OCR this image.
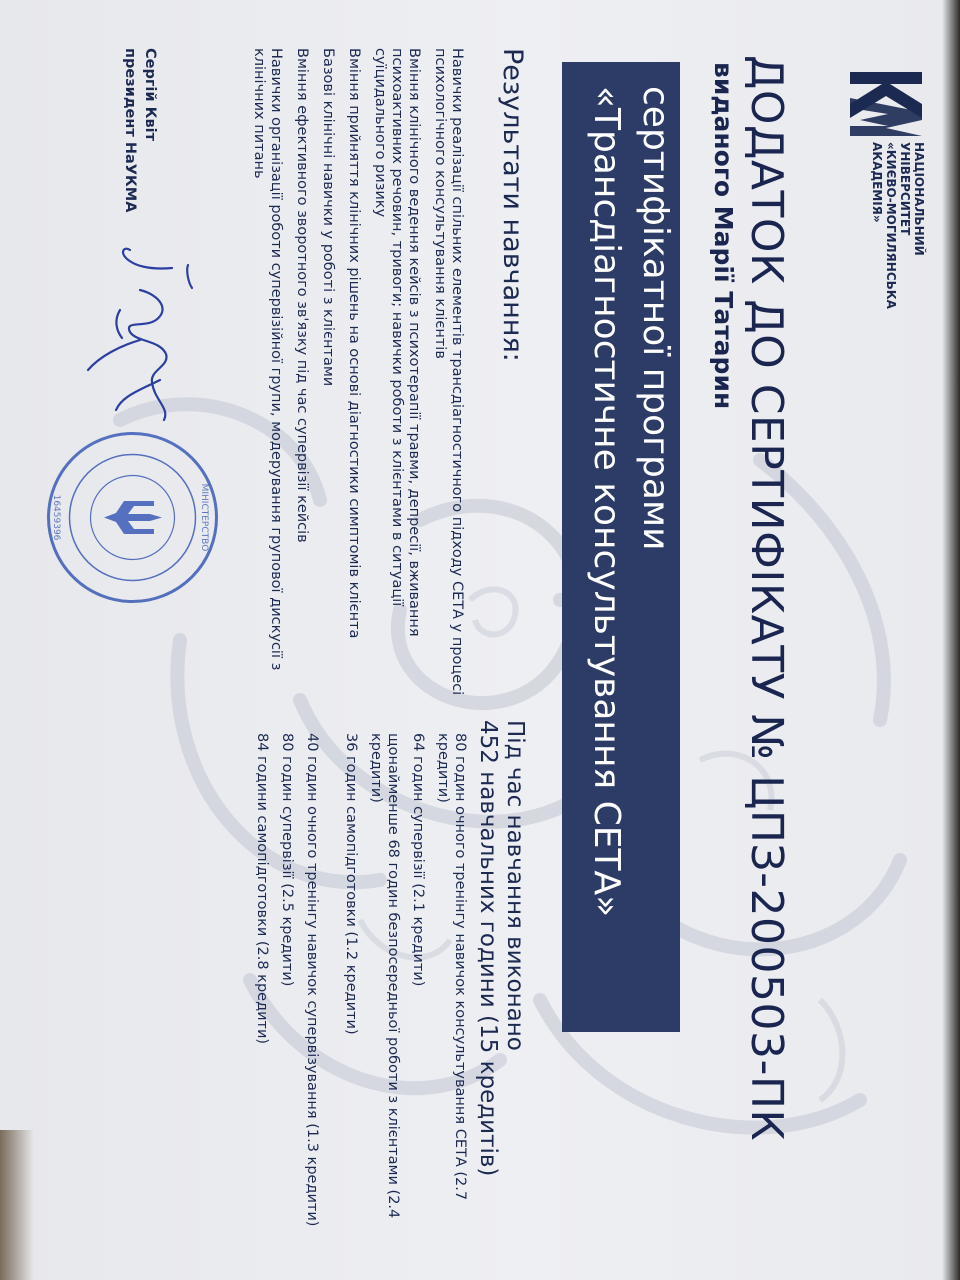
НАЦІОНАЛЬНИЙ
УНІВЕРСИТЕТ
«КИЄВО-МОГИЛЯНСЬКА
АКАДЕМІЯ»
ДОДАТОК ДО СЕРТИФІКАТУ № ЦПЗ-200503-ПК
виданого Марії Татарин
сертифікатної програми
«Трансдіагностичне консультування СЕТА»
Результати навчання:
Навички реалізації спільних елементів трансдіагностичного підходу СЕТА у процесі психологічного консультування клієнтів
Вміння клінічного ведення кейсів з психотерапії травми, депресії, вживання психоактивних речовин, тривоги; навички роботи з клієнтами в ситуації суїцидального ризику
Вміння прийняття клінічних рішень на основі діагностики симптомів клієнта
Базові клінічні навички у роботі з клієнтами
Вміння ефективного зворотного зв'язку під час супервізії кейсів
Навички організації роботи супервізійної групи, модерування групової дискусії з клінічних питань
Під час навчання виконано
452 навчальних години (15 кредитів)
80 годин очного тренінгу навичок консультування СЕТА (2.7 кредити)
64 годин супервізії (2.1 кредити)
щонайменше 68 годин безпосередньої роботи з клієнтами (2.4 кредити)
36 годин самопідготовки (1.2 кредити)
40 годин очного тренінгу навичок супервізування (1.3 кредити)
80 годин супервізії (2.5 кредити)
84 години самопідготовки (2.8 кредити)
Сергій Квіт
президент НаУКМА
МІНІСТЕРСТВО
16459396
